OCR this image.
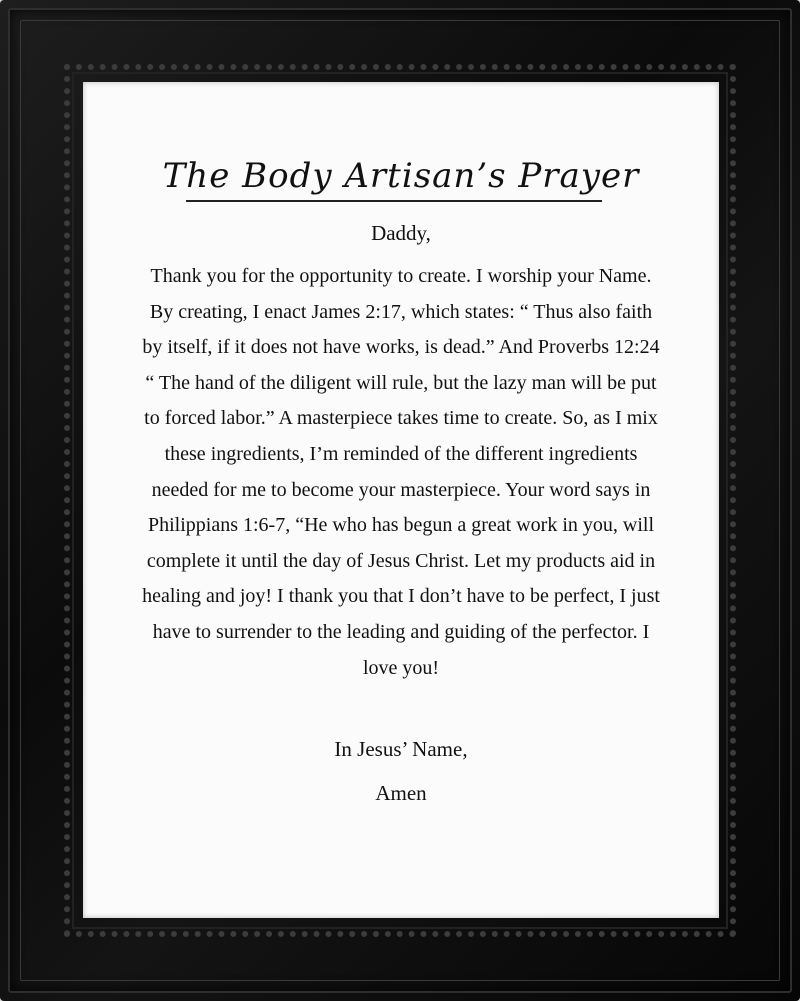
The Body Artisan’s Prayer
Daddy,
Thank you for the opportunity to create. I worship your Name. By creating, I enact James 2:17, which states: “ Thus also faith by itself, if it does not have works, is dead.” And Proverbs 12:24 “ The hand of the diligent will rule, but the lazy man will be put to forced labor.” A masterpiece takes time to create. So, as I mix these ingredients, I’m reminded of the different ingredients needed for me to become your masterpiece. Your word says in Philippians 1:6-7, “He who has begun a great work in you, will complete it until the day of Jesus Christ. Let my products aid in healing and joy! I thank you that I don’t have to be perfect, I just have to surrender to the leading and guiding of the perfector. I love you!
In Jesus’ Name,
Amen
